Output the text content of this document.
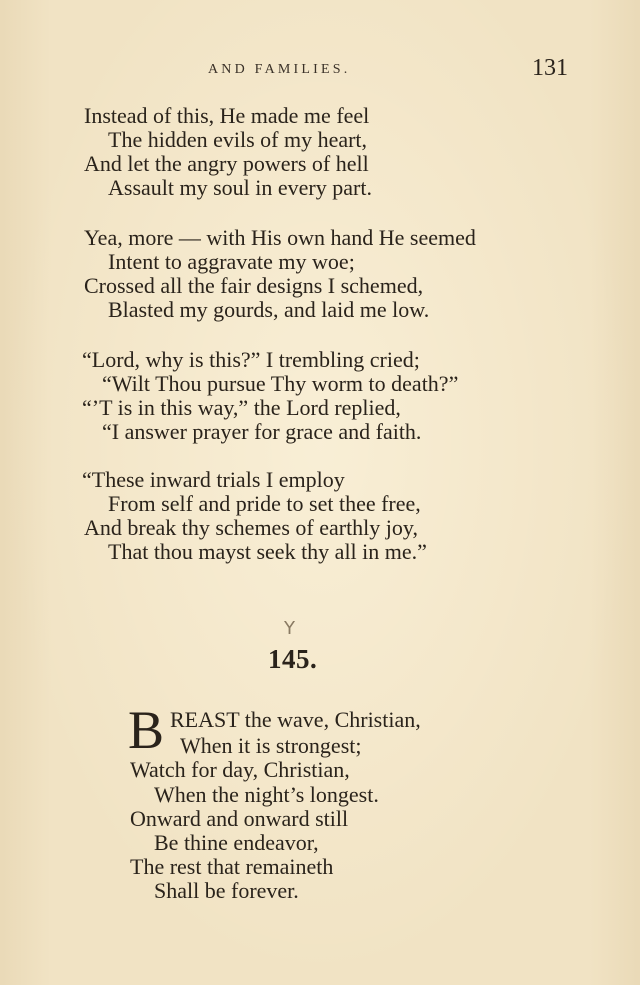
AND FAMILIES.	131
Instead of this, He made me feel
The hidden evils of my heart,
And let the angry powers of hell
Assault my soul in every part.
Yea, more — with His own hand He seemed
Intent to aggravate my woe;
Crossed all the fair designs I schemed,
Blasted my gourds, and laid me low.
“Lord, why is this?” I trembling cried;
“Wilt Thou pursue Thy worm to death?”
“’T is in this way,” the Lord replied,
“I answer prayer for grace and faith.
“These inward trials I employ
From self and pride to set thee free,
And break thy schemes of earthly joy,
That thou mayst seek thy all in me.”
Y
145.
B REAST the wave, Christian,
When it is strongest;
Watch for day, Christian,
When the night’s longest.
Onward and onward still
Be thine endeavor,
The rest that remaineth
Shall be forever.
